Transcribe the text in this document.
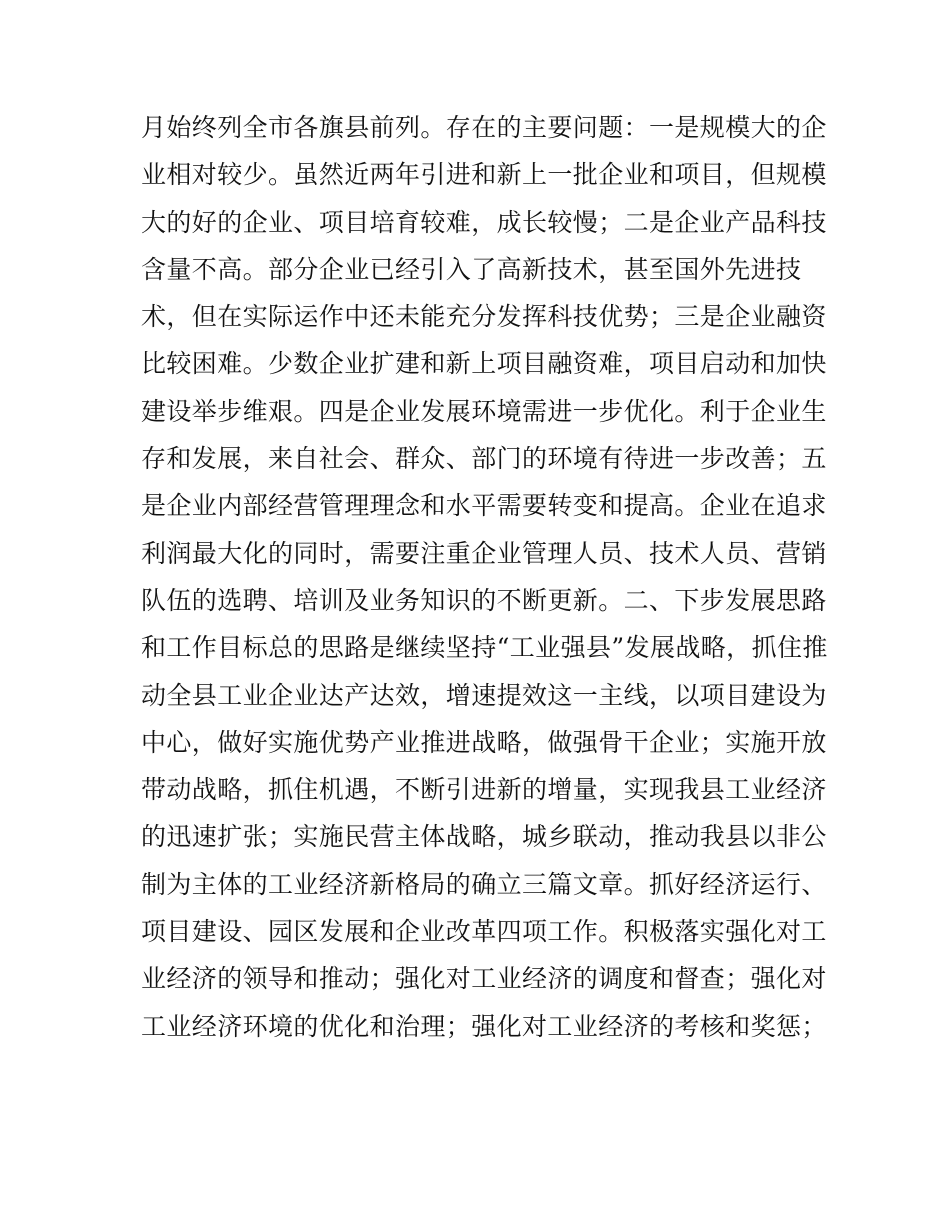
月始终列全市各旗县前列。存在的主要问题：一是规模大的企
业相对较少。虽然近两年引进和新上一批企业和项目，但规模
大的好的企业、项目培育较难，成长较慢；二是企业产品科技
含量不高。部分企业已经引入了高新技术，甚至国外先进技
术，但在实际运作中还未能充分发挥科技优势；三是企业融资
比较困难。少数企业扩建和新上项目融资难，项目启动和加快
建设举步维艰。四是企业发展环境需进一步优化。利于企业生
存和发展，来自社会、群众、部门的环境有待进一步改善；五
是企业内部经营管理理念和水平需要转变和提高。企业在追求
利润最大化的同时，需要注重企业管理人员、技术人员、营销
队伍的选聘、培训及业务知识的不断更新。二、下步发展思路
和工作目标总的思路是继续坚持“工业强县”发展战略，抓住推
动全县工业企业达产达效，增速提效这一主线，以项目建设为
中心，做好实施优势产业推进战略，做强骨干企业；实施开放
带动战略，抓住机遇，不断引进新的增量，实现我县工业经济
的迅速扩张；实施民营主体战略，城乡联动，推动我县以非公
制为主体的工业经济新格局的确立三篇文章。抓好经济运行、
项目建设、园区发展和企业改革四项工作。积极落实强化对工
业经济的领导和推动；强化对工业经济的调度和督查；强化对
工业经济环境的优化和治理；强化对工业经济的考核和奖惩；
